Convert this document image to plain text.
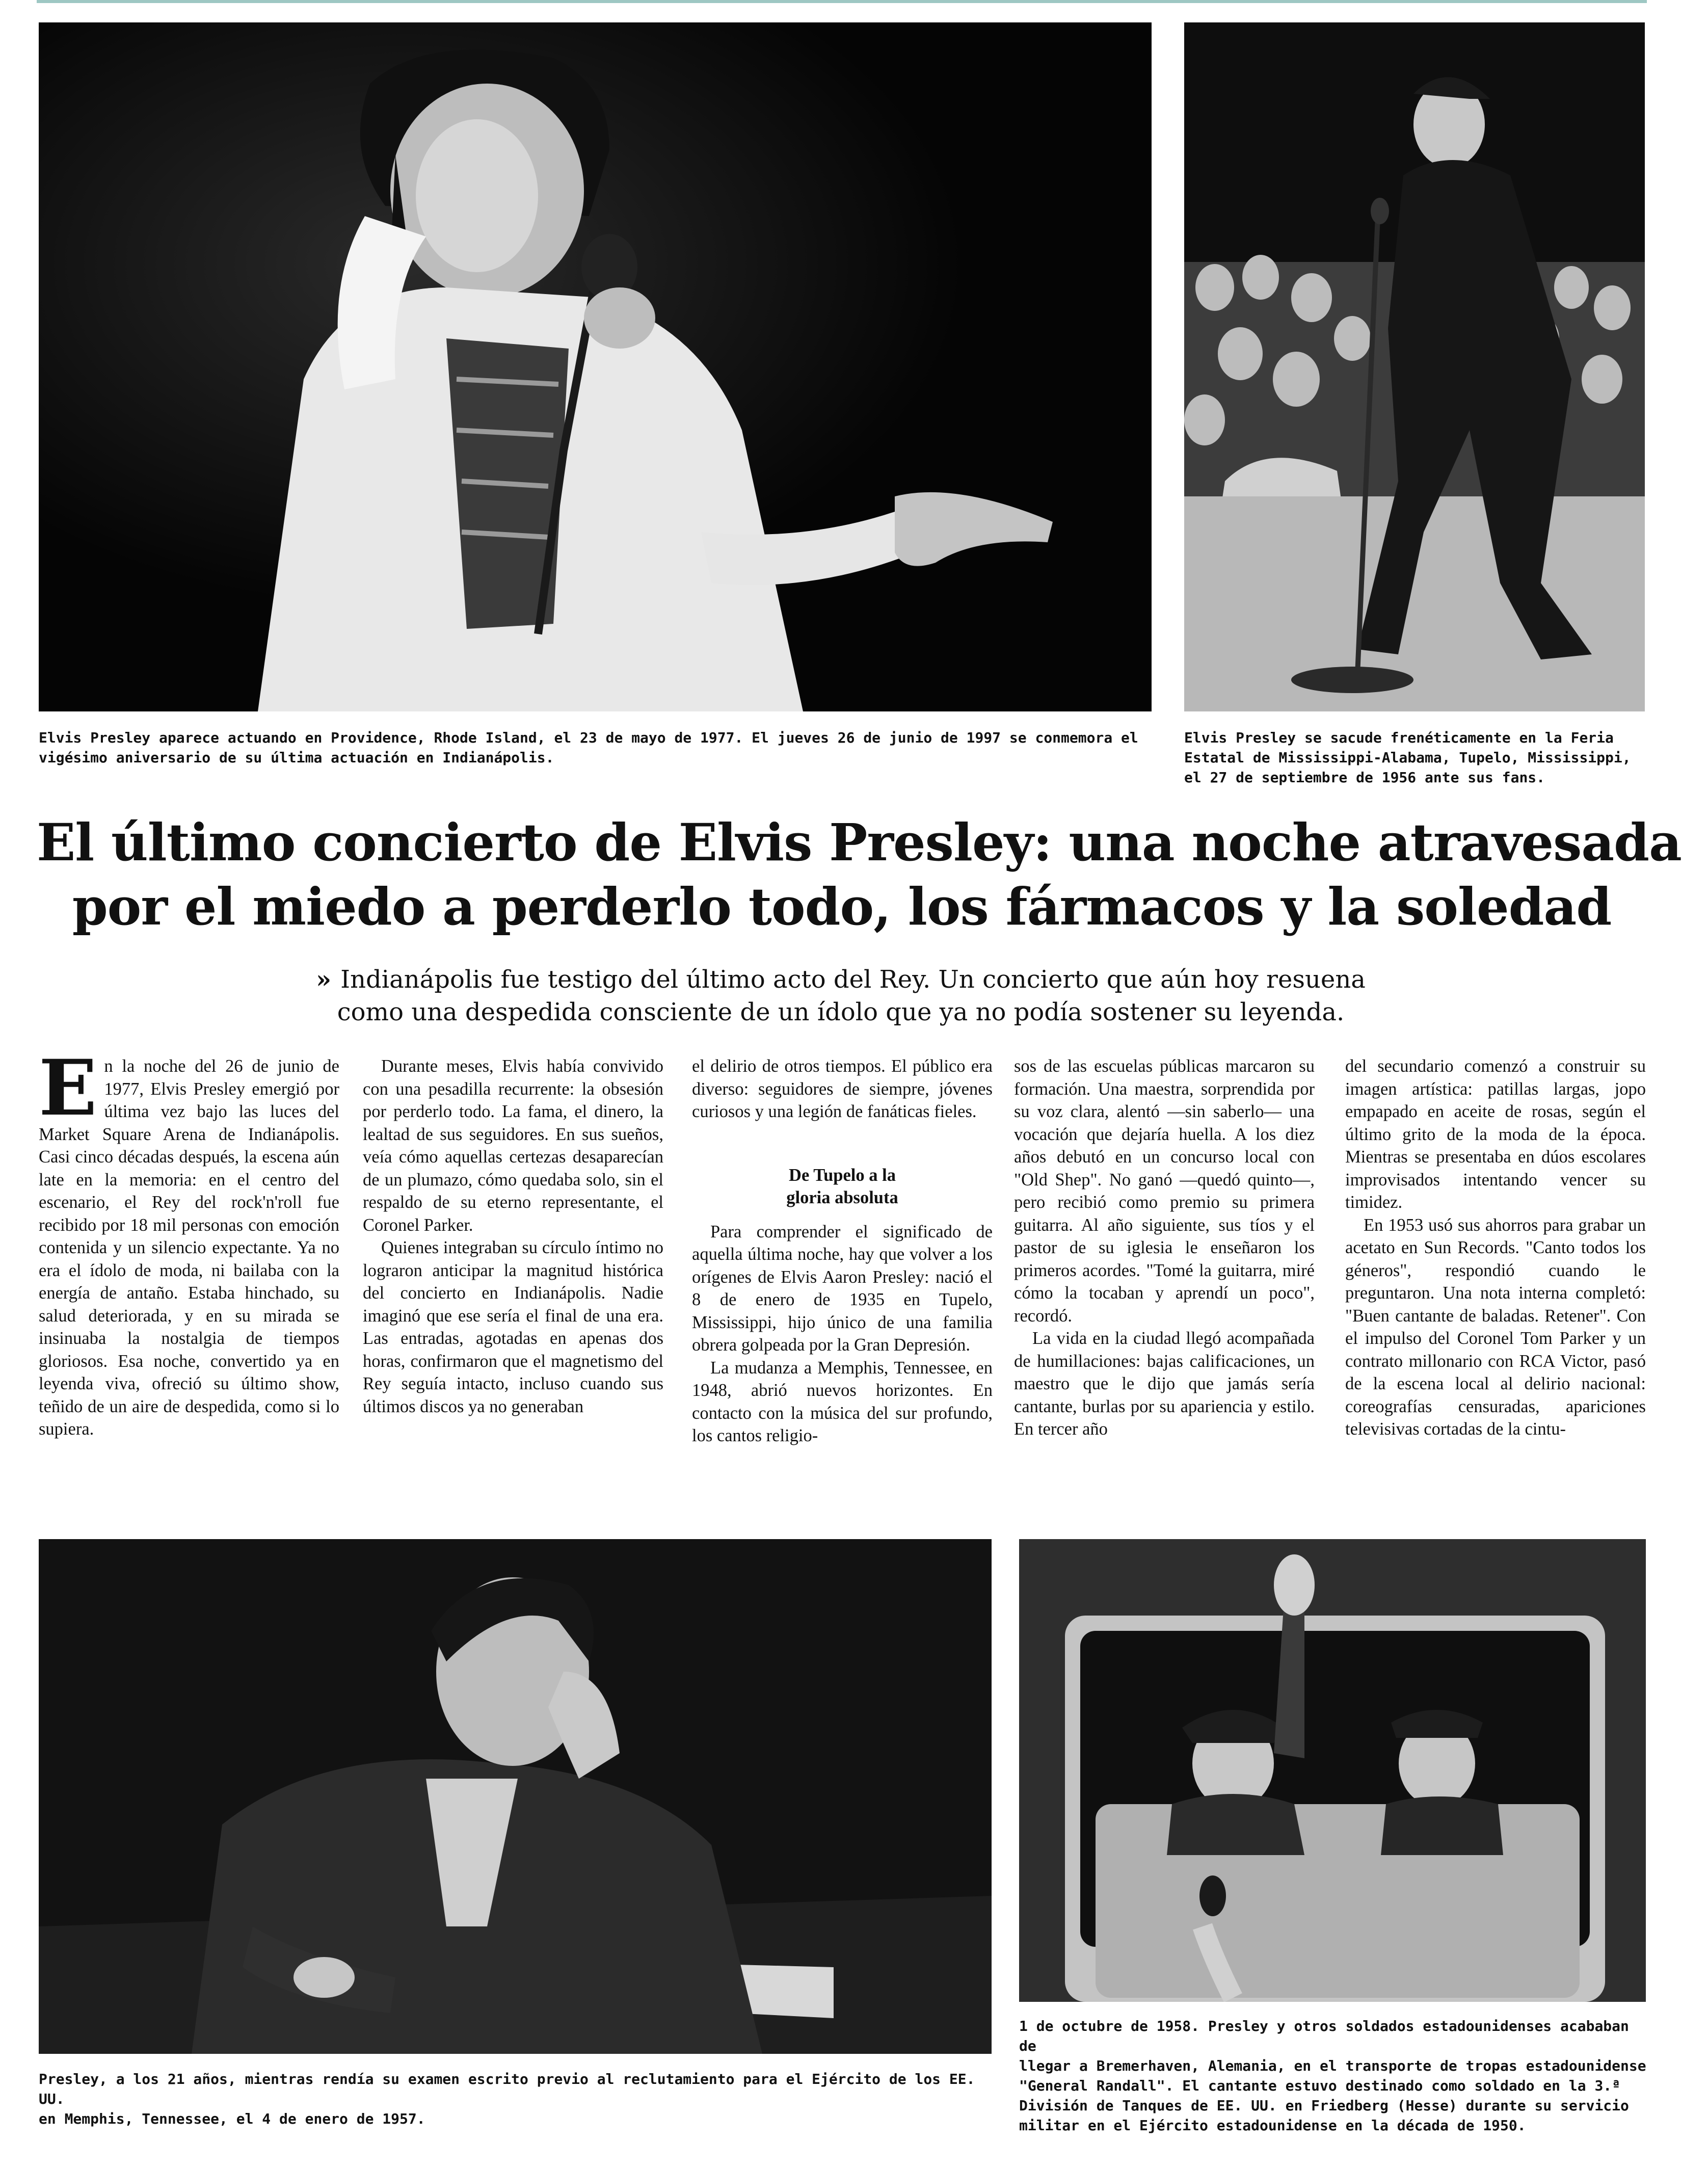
Elvis Presley aparece actuando en Providence, Rhode Island, el 23 de mayo de 1977. El jueves 26 de junio de 1997 se conmemora el
vigésimo aniversario de su última actuación en Indianápolis.
Elvis Presley se sacude frenéticamente en la Feria
Estatal de Mississippi-Alabama, Tupelo, Mississippi,
el 27 de septiembre de 1956 ante sus fans.
El último concierto de Elvis Presley: una noche atravesada
por el miedo a perderlo todo, los fármacos y la soledad
» Indianápolis fue testigo del último acto del Rey. Un concierto que aún hoy resuena
como una despedida consciente de un ídolo que ya no podía sostener su leyenda.

En la noche del 26 de junio de 1977, Elvis Presley emergió por última vez bajo las luces del Market Square Arena de Indianápolis. Casi cinco décadas después, la escena aún late en la memoria: en el centro del escenario, el Rey del rock'n'roll fue recibido por 18 mil personas con emoción contenida y un silencio expectante. Ya no era el ídolo de moda, ni bailaba con la energía de antaño. Estaba hinchado, su salud deteriorada, y en su mirada se insinuaba la nostalgia de tiempos gloriosos. Esa noche, convertido ya en leyenda viva, ofreció su último show, teñido de un aire de despedida, como si lo supiera.

Durante meses, Elvis había convivido con una pesadilla recurrente: la obsesión por perderlo todo. La fama, el dinero, la lealtad de sus seguidores. En sus sueños, veía cómo aquellas certezas desaparecían de un plumazo, cómo quedaba solo, sin el respaldo de su eterno representante, el Coronel Parker.

Quienes integraban su círculo íntimo no lograron anticipar la magnitud histórica del concierto en Indianápolis. Nadie imaginó que ese sería el final de una era. Las entradas, agotadas en apenas dos horas, confirmaron que el magnetismo del Rey seguía intacto, incluso cuando sus últimos discos ya no generaban

el delirio de otros tiempos. El público era diverso: seguidores de siempre, jóvenes curiosos y una legión de fanáticas fieles.

De Tupelo a la
gloria absoluta

Para comprender el significado de aquella última noche, hay que volver a los orígenes de Elvis Aaron Presley: nació el 8 de enero de 1935 en Tupelo, Mississippi, hijo único de una familia obrera golpeada por la Gran Depresión.

La mudanza a Memphis, Tennessee, en 1948, abrió nuevos horizontes. En contacto con la música del sur profundo, los cantos religio-

sos de las escuelas públicas marcaron su formación. Una maestra, sorprendida por su voz clara, alentó —sin saberlo— una vocación que dejaría huella. A los diez años debutó en un concurso local con "Old Shep". No ganó —quedó quinto—, pero recibió como premio su primera guitarra. Al año siguiente, sus tíos y el pastor de su iglesia le enseñaron los primeros acordes. "Tomé la guitarra, miré cómo la tocaban y aprendí un poco", recordó.

La vida en la ciudad llegó acompañada de humillaciones: bajas calificaciones, un maestro que le dijo que jamás sería cantante, burlas por su apariencia y estilo. En tercer año

del secundario comenzó a construir su imagen artística: patillas largas, jopo empapado en aceite de rosas, según el último grito de la moda de la época. Mientras se presentaba en dúos escolares improvisados intentando vencer su timidez.

En 1953 usó sus ahorros para grabar un acetato en Sun Records. "Canto todos los géneros", respondió cuando le preguntaron. Una nota interna completó: "Buen cantante de baladas. Retener". Con el impulso del Coronel Tom Parker y un contrato millonario con RCA Victor, pasó de la escena local al delirio nacional: coreografías censuradas, apariciones televisivas cortadas de la cintu-

Presley, a los 21 años, mientras rendía su examen escrito previo al reclutamiento para el Ejército de los EE. UU.
en Memphis, Tennessee, el 4 de enero de 1957.
1 de octubre de 1958. Presley y otros soldados estadounidenses acababan de
llegar a Bremerhaven, Alemania, en el transporte de tropas estadounidense
"General Randall". El cantante estuvo destinado como soldado en la 3.ª
División de Tanques de EE. UU. en Friedberg (Hesse) durante su servicio
militar en el Ejército estadounidense en la década de 1950.
